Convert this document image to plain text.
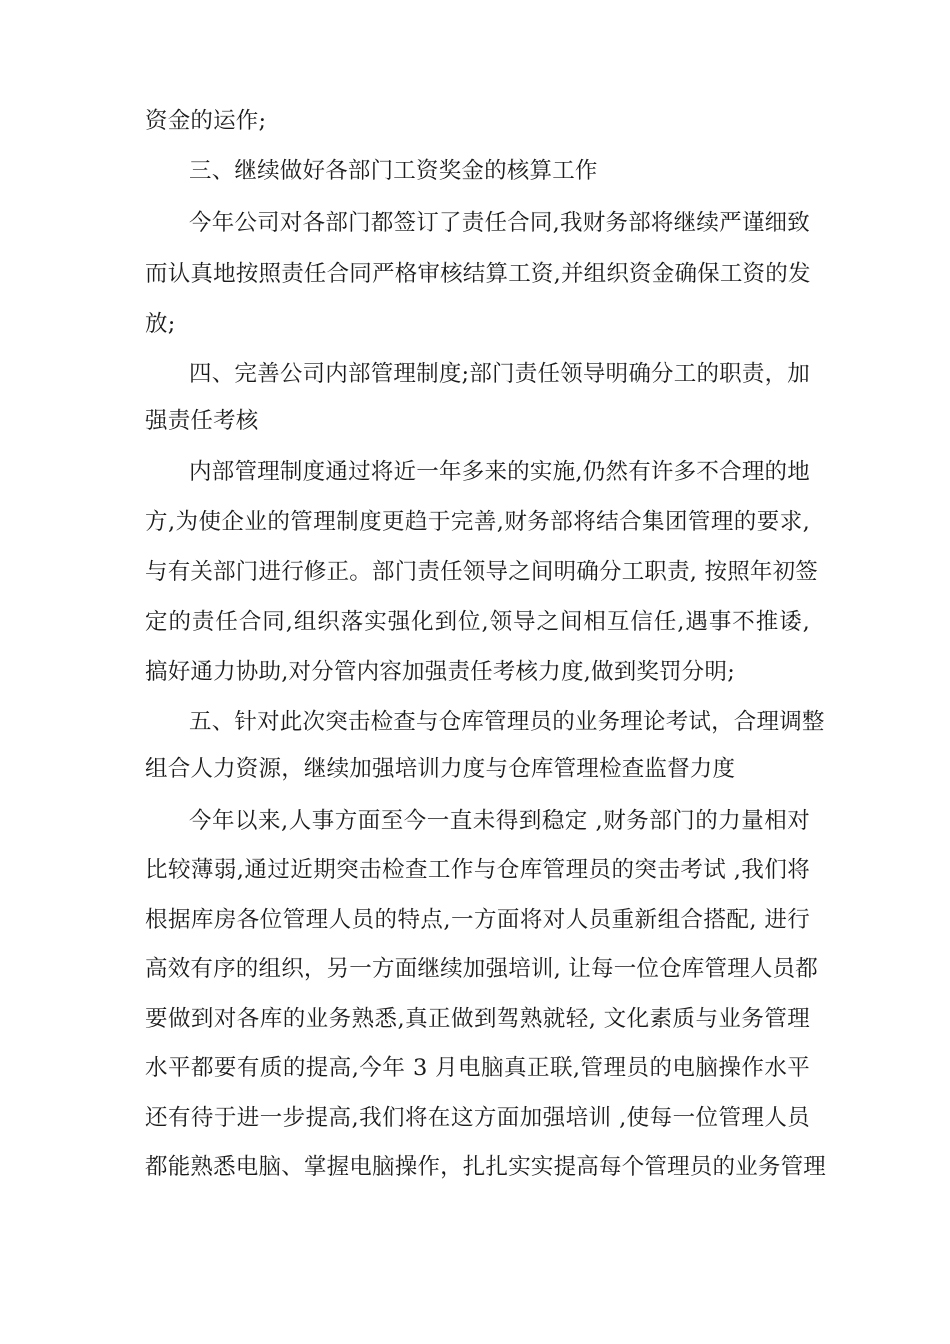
资金的运作;
三、继续做好各部门工资奖金的核算工作
今年公司对各部门都签订了责任合同,我财务部将继续严谨细致
而认真地按照责任合同严格审核结算工资,并组织资金确保工资的发
放;
四、完善公司内部管理制度;部门责任领导明确分工的职责，加
强责任考核
内部管理制度通过将近一年多来的实施,仍然有许多不合理的地
方,为使企业的管理制度更趋于完善,财务部将结合集团管理的要求,
与有关部门进行修正。部门责任领导之间明确分工职责, 按照年初签
定的责任合同,组织落实强化到位,领导之间相互信任,遇事不推诿,
搞好通力协助,对分管内容加强责任考核力度,做到奖罚分明;
五、针对此次突击检查与仓库管理员的业务理论考试，合理调整
组合人力资源，继续加强培训力度与仓库管理检查监督力度
今年以来,人事方面至今一直未得到稳定 ,财务部门的力量相对
比较薄弱,通过近期突击检查工作与仓库管理员的突击考试 ,我们将
根据库房各位管理人员的特点,一方面将对人员重新组合搭配, 进行
高效有序的组织，另一方面继续加强培训, 让每一位仓库管理人员都
要做到对各库的业务熟悉,真正做到驾熟就轻, 文化素质与业务管理
水平都要有质的提高,今年 3 月电脑真正联,管理员的电脑操作水平
还有待于进一步提高,我们将在这方面加强培训 ,使每一位管理人员
都能熟悉电脑、掌握电脑操作，扎扎实实提高每个管理员的业务管理
